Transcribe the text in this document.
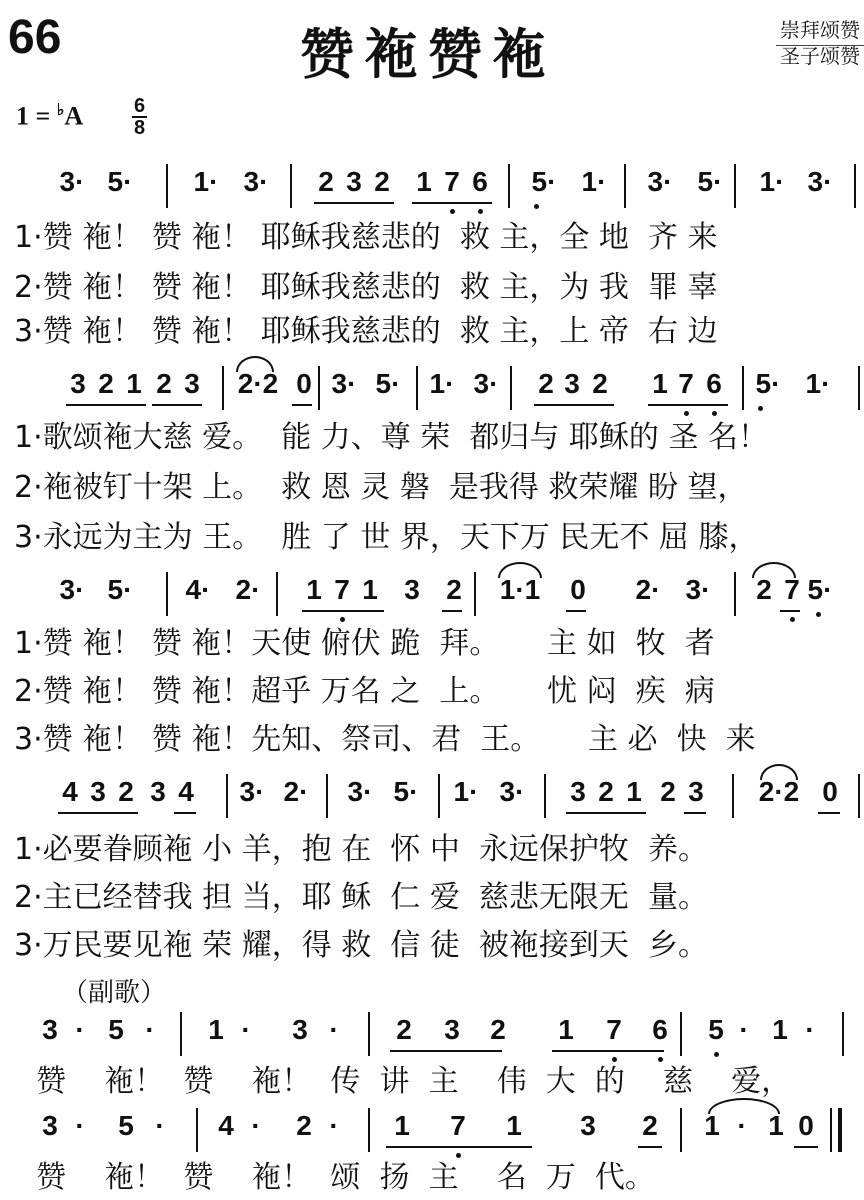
66	赞袘赞袘	崇拜颂赞
圣子颂赞
1 = ♭A	6
8
3· 5· 1· 3·	2 3 2 1 7 6	5· 1· 3· 5· 1· 3·
1·赞 袘！ 赞 袘！ 耶稣我慈悲的  救 主，全 地  齐 来
2·赞 袘！ 赞 袘！ 耶稣我慈悲的  救 主，为 我  罪 辜
3·赞 袘！ 赞 袘！ 耶稣我慈悲的  救 主，上 帝  右 边
3 2 1 2 3	2·2 0 3· 5· 1· 3·	2 3 2	1 7 6	5· 1·
1·歌颂袘大慈 爱。  能 力、尊 荣  都归与 耶稣的 圣 名！
2·袘被钉十架 上。  救 恩 灵 磐  是我得 救荣耀 盼 望，
3·永远为主为 王。  胜 了 世 界，天下万 民无不 屈 膝，
3· 5· 4· 2·	1 7 1 3 2	1·1	0	2· 3·	2 7 5·
1·赞 袘！ 赞 袘！天使 俯伏 跪  拜。     主 如  牧  者
2·赞 袘！ 赞 袘！超乎 万名 之  上。     忧 闷  疾  病
3·赞 袘！ 赞 袘！先知、祭司、君  王。     主 必  快  来
4 3 2 3 4	3· 2· 3· 5· 1· 3·	3 2 1 2 3	2·2 0
1·必要眷顾袘 小 羊，抱 在  怀 中  永远保护牧  养。
2·主已经替我 担 当，耶 稣  仁 爱  慈悲无限无  量。
3·万民要见袘 荣 耀，得 救  信 徒  被袘接到天  乡。
（副歌）
3 · 5 ·	1 ·	3 ·	2	3	2	1	7	6	5 · 1 ·
赞    袘！  赞    袘！  传  讲  主    伟  大  的    慈    爱，
3 ·	5 ·	4 ·	2 ·	1	7	1	3	2	1 · 1 0
赞    袘！  赞    袘！  颂  扬  主    名  万  代。
